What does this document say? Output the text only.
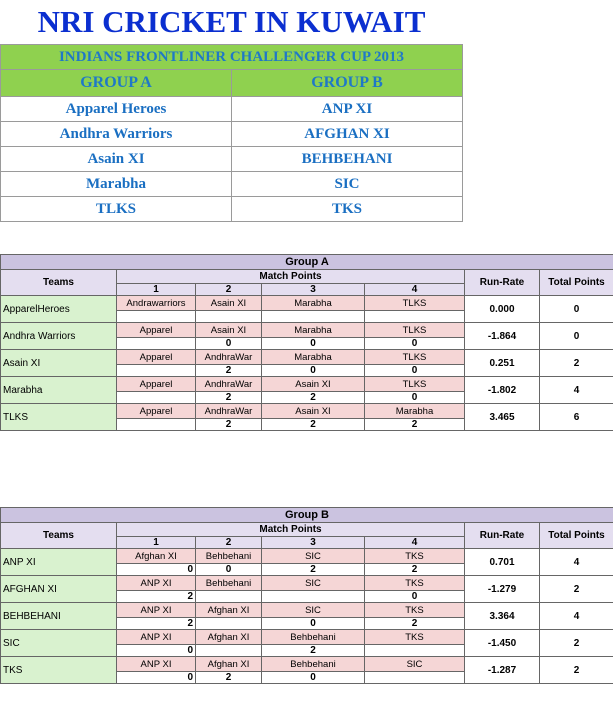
NRI CRICKET IN KUWAIT	
INDIANS FRONTLINER CHALLENGER CUP 2013	
GROUP A	GROUP B
Apparel Heroes	ANP XI
Andhra Warriors	AFGHAN XI
Asain XI	BEHBEHANI
Marabha	SIC
TLKS	TKS
Group A						
Teams	Match Points				Run-Rate	Total Points
	1	2	3	4		
ApparelHeroes	Andrawarriors	Asain XI	Marabha	TLKS	0.000	0

Andhra Warriors	Apparel	Asain XI	Marabha	TLKS	-1.864	0
		0	0	0		
Asain XI	Apparel	AndhraWar	Marabha	TLKS	0.251	2
		2	0	0		
Marabha	Apparel	AndhraWar	Asain XI	TLKS	-1.802	4
		2	2	0		
TLKS	Apparel	AndhraWar	Asain XI	Marabha	3.465	6
		2	2	2		
Group B						
Teams	Match Points				Run-Rate	Total Points
	1	2	3	4		
ANP XI	Afghan XI	Behbehani	SIC	TKS	0.701	4
	0	0	2	2		
AFGHAN XI	ANP XI	Behbehani	SIC	TKS	-1.279	2
	2			0		
BEHBEHANI	ANP XI	Afghan XI	SIC	TKS	3.364	4
	2		0	2		
SIC	ANP XI	Afghan XI	Behbehani	TKS	-1.450	2
	0		2			
TKS	ANP XI	Afghan XI	Behbehani	SIC	-1.287	2
	0	2	0			
